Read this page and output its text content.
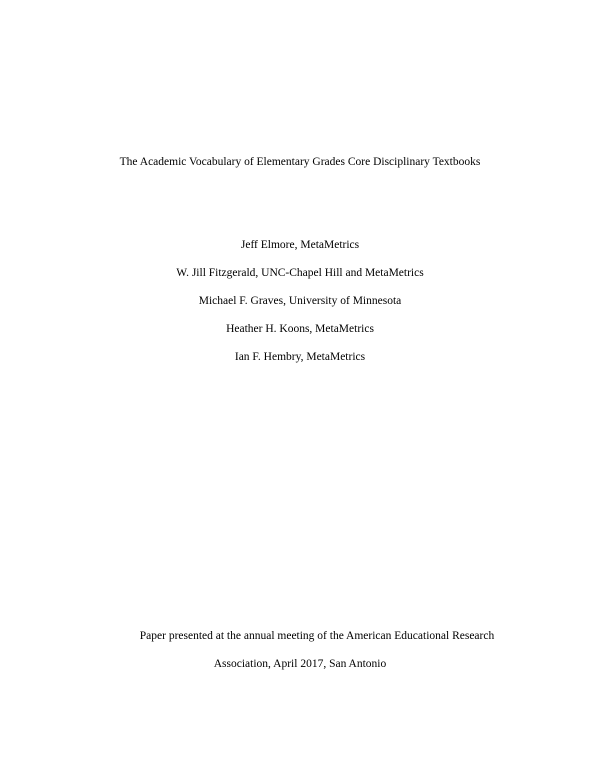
The Academic Vocabulary of Elementary Grades Core Disciplinary Textbooks
Jeff Elmore, MetaMetrics
W. Jill Fitzgerald, UNC-Chapel Hill and MetaMetrics
Michael F. Graves, University of Minnesota
Heather H. Koons, MetaMetrics
Ian F. Hembry, MetaMetrics
Paper presented at the annual meeting of the American Educational Research
Association, April 2017, San Antonio
